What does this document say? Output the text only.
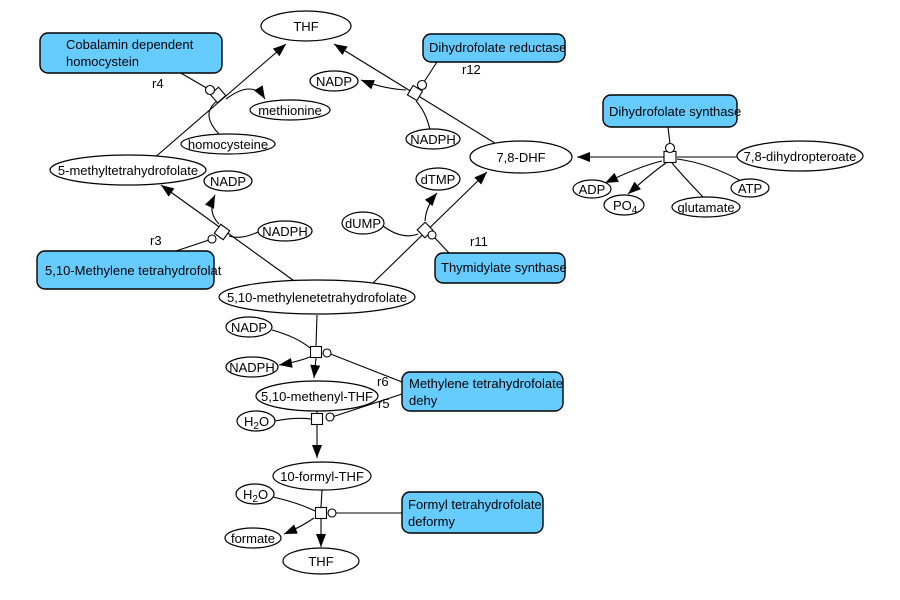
THF
NADP
methionine
homocysteine	NADPH
5-methyltetrahydrofolate
NADP
7,8-DHF	7,8-dihydropteroate
ADP
$PO_4$	glutamate
ATP
dTMP
dUMP
NADPH
5,10-methylenetetrahydrofolate
NADP
NADPH
5,10-methenyl-THF
$H_2O$
10-formyl-THF
$H_2O$
formate
THF
Cobalamin dependent
homocystein
Dihydrofolate reductase
Dihydrofolate synthase
5,10-Methylene tetrahydrofolat	Thymidylate synthase
Methylene tetrahydrofolate
dehy
Formyl tetrahydrofolate
deformy
r4
r12
r3	r11
r6
r5
